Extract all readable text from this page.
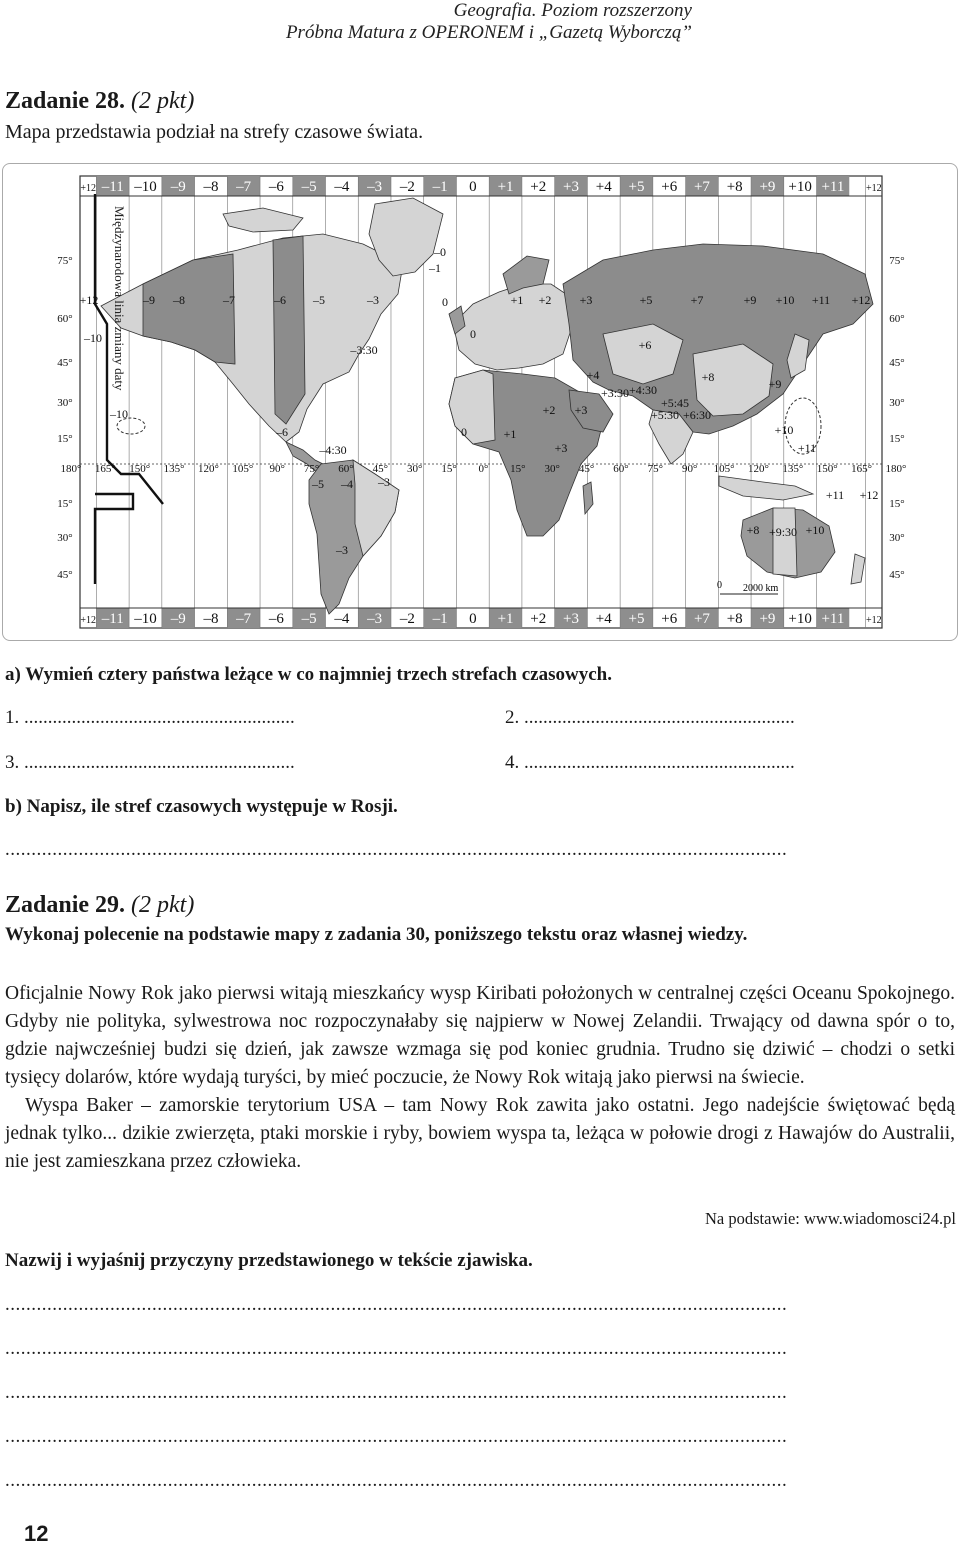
Geografia. Poziom rozszerzony
Próbna Matura z OPERONEM i „Gazetą Wyborczą”
Zadanie 28. (2 pkt)
Mapa przedstawia podział na strefy czasowe świata.
75°
60°
45°
30°
15°
15°
30°
45°
75°
60°
45°
30°
15°
15°
30°
45°
180° 165° 150° 135° 120° 105° 90° 75° 60° 45° 30° 15° 0° 15° 30° 45° 60° 75° 90° 105° 120° 135° 150° 165° 180°
+12 –11 –10 –9 –8 –7 –6 –5 –4 –3 –2 –1 0 +1 +2 +3 +4 +5 +6 +7 +8 +9 +10 +11 +12
+12 –11 –10 –9 –8 –7 –6 –5 –4 –3 –2 –1 0 +1 +2 +3 +4 +5 +6 +7 +8 +9 +10 +11 +12
+12	–9 –8	–7	–6 –5	–3	0	+1 +2 +3	+5	+7	+9 +10 +11 +12
–10
–3:30
0
+6
+4	+8	+9
+3:30 +4:30
+5:45
+5:30 +6:30
–10
–6
–4:30
+2 +3
+10
0	+1
+3	+11
–5 –4 –3
+11 +12
–3
+8 +9:30 +10
–1
–0
Międzynarodowa linia zmiany daty
0 2000 km
a) Wymień cztery państwa leżące w co najmniej trzech strefach czasowych.
1. .........................................................	2. .........................................................
3. .........................................................	4. .........................................................
b) Napisz, ile stref czasowych występuje w Rosji.
.....................................................................................................................................................
Zadanie 29. (2 pkt)
Wykonaj polecenie na podstawie mapy z zadania 30, poniższego tekstu oraz własnej wiedzy.

Oficjalnie Nowy Rok jako pierwsi witają mieszkańcy wysp Kiribati położonych w centralnej części Oceanu Spokojnego. Gdyby nie polityka, sylwestrowa noc rozpoczynałaby się najpierw w Nowej Zelandii. Trwający od dawna spór o to, gdzie najwcześniej budzi się dzień, jak zawsze wzmaga się pod koniec grudnia. Trudno się dziwić – chodzi o setki tysięcy dolarów, które wydają turyści, by mieć poczucie, że Nowy Rok witają jako pierwsi na świecie.

Wyspa Baker – zamorskie terytorium USA – tam Nowy Rok zawita jako ostatni. Jego nadejście świętować będą jednak tylko... dzikie zwierzęta, ptaki morskie i ryby, bowiem wyspa ta, leżąca w połowie drogi z Hawajów do Australii, nie jest zamieszkana przez człowieka.

Na podstawie: www.wiadomosci24.pl
Nazwij i wyjaśnij przyczyny przedstawionego w tekście zjawiska.
.....................................................................................................................................................
.....................................................................................................................................................
.....................................................................................................................................................
.....................................................................................................................................................
.....................................................................................................................................................
12
